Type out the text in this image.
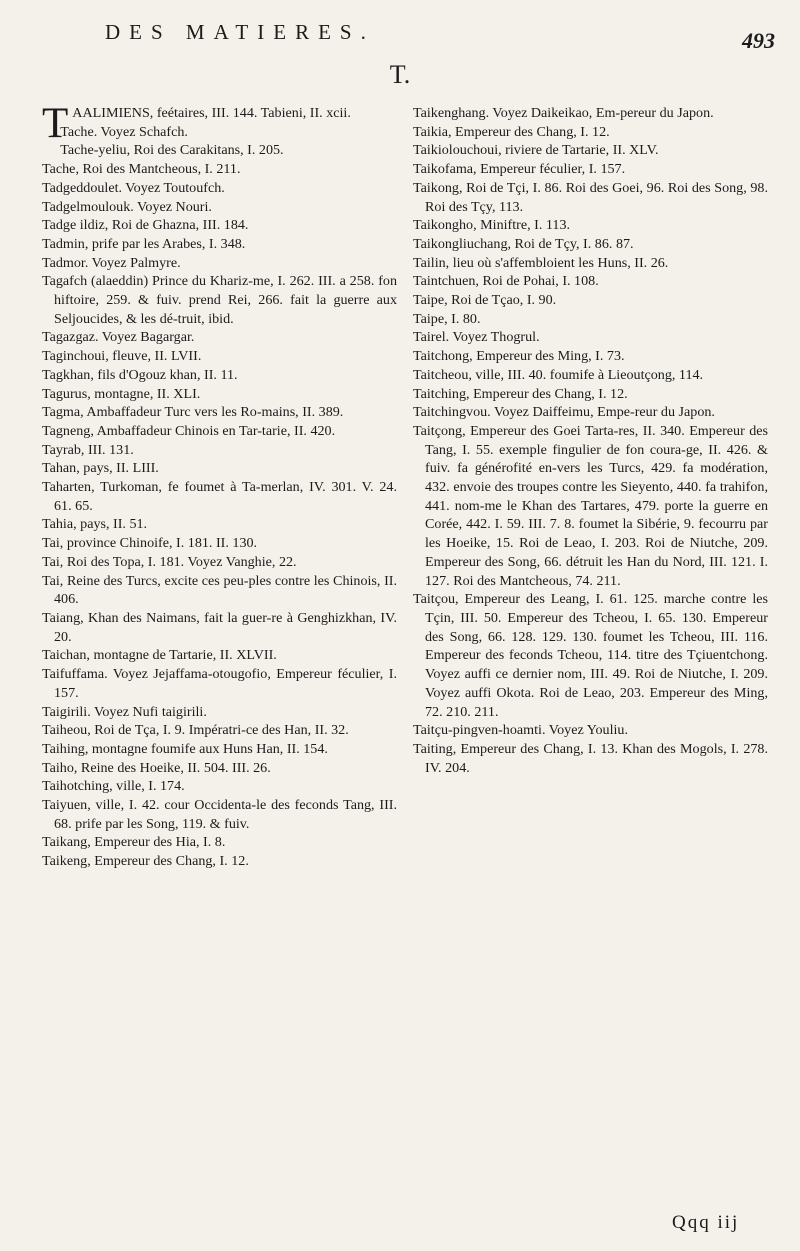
DES MATIERES.	493
T.

TAALIMIENS, feétaires, III. 144. Tabieni, II. xcii.

Tache. Voyez Schafch.

Tache-yeliu, Roi des Carakitans, I. 205.

Tache, Roi des Mantcheous, I. 211.

Tadgeddoulet. Voyez Toutoufch.

Tadgelmoulouk. Voyez Nouri.

Tadge ildiz, Roi de Ghazna, III. 184.

Tadmin, prife par les Arabes, I. 348.

Tadmor. Voyez Palmyre.

Tagafch (alaeddin) Prince du Khariz-me, I. 262. III. a 258. fon hiftoire, 259. & fuiv. prend Rei, 266. fait la guerre aux Seljoucides, & les dé-truit, ibid.

Tagazgaz. Voyez Bagargar.

Taginchoui, fleuve, II. LVII.

Tagkhan, fils d'Ogouz khan, II. 11.

Tagurus, montagne, II. XLI.

Tagma, Ambaffadeur Turc vers les Ro-mains, II. 389.

Tagneng, Ambaffadeur Chinois en Tar-tarie, II. 420.

Tayrab, III. 131.

Tahan, pays, II. LIII.

Taharten, Turkoman, fe foumet à Ta-merlan, IV. 301. V. 24. 61. 65.

Tahia, pays, II. 51.

Tai, province Chinoife, I. 181. II. 130.

Tai, Roi des Topa, I. 181. Voyez Vanghie, 22.

Tai, Reine des Turcs, excite ces peu-ples contre les Chinois, II. 406.

Taiang, Khan des Naimans, fait la guer-re à Genghizkhan, IV. 20.

Taichan, montagne de Tartarie, II. XLVII.

Taifuffama. Voyez Jejaffama-otougofio, Empereur féculier, I. 157.

Taigirili. Voyez Nufi taigirili.

Taiheou, Roi de Tça, I. 9. Impératri-ce des Han, II. 32.

Taihing, montagne foumife aux Huns Han, II. 154.

Taiho, Reine des Hoeike, II. 504. III. 26.

Taihotching, ville, I. 174.

Taiyuen, ville, I. 42. cour Occidenta-le des feconds Tang, III. 68. prife par les Song, 119. & fuiv.

Taikang, Empereur des Hia, I. 8.

Taikeng, Empereur des Chang, I. 12.

Taikenghang. Voyez Daikeikao, Em-pereur du Japon.

Taikia, Empereur des Chang, I. 12.

Taikiolouchoui, riviere de Tartarie, II. XLV.

Taikofama, Empereur féculier, I. 157.

Taikong, Roi de Tçi, I. 86. Roi des Goei, 96. Roi des Song, 98. Roi des Tçy, 113.

Taikongho, Miniftre, I. 113.

Taikongliuchang, Roi de Tçy, I. 86. 87.

Tailin, lieu où s'affembloient les Huns, II. 26.

Taintchuen, Roi de Pohai, I. 108.

Taipe, Roi de Tçao, I. 90.

Taipe, I. 80.

Tairel. Voyez Thogrul.

Taitchong, Empereur des Ming, I. 73.

Taitcheou, ville, III. 40. foumife à Lieoutçong, 114.

Taitching, Empereur des Chang, I. 12.

Taitchingvou. Voyez Daiffeimu, Empe-reur du Japon.

Taitçong, Empereur des Goei Tarta-res, II. 340. Empereur des Tang, I. 55. exemple fingulier de fon coura-ge, II. 426. & fuiv. fa générofité en-vers les Turcs, 429. fa modération, 432. envoie des troupes contre les Sieyento, 440. fa trahifon, 441. nom-me le Khan des Tartares, 479. porte la guerre en Corée, 442. I. 59. III. 7. 8. foumet la Sibérie, 9. fecourru par les Hoeike, 15. Roi de Leao, I. 203. Roi de Niutche, 209. Empereur des Song, 66. détruit les Han du Nord, III. 121. I. 127. Roi des Mantcheous, 74. 211.

Taitçou, Empereur des Leang, I. 61. 125. marche contre les Tçin, III. 50. Empereur des Tcheou, I. 65. 130. Empereur des Song, 66. 128. 129. 130. foumet les Tcheou, III. 116. Empereur des feconds Tcheou, 114. titre des Tçiuentchong. Voyez auffi ce dernier nom, III. 49. Roi de Niutche, I. 209. Voyez auffi Okota. Roi de Leao, 203. Empereur des Ming, 72. 210. 211.

Taitçu-pingven-hoamti. Voyez Youliu.

Taiting, Empereur des Chang, I. 13. Khan des Mogols, I. 278. IV. 204.

Qqq iij
